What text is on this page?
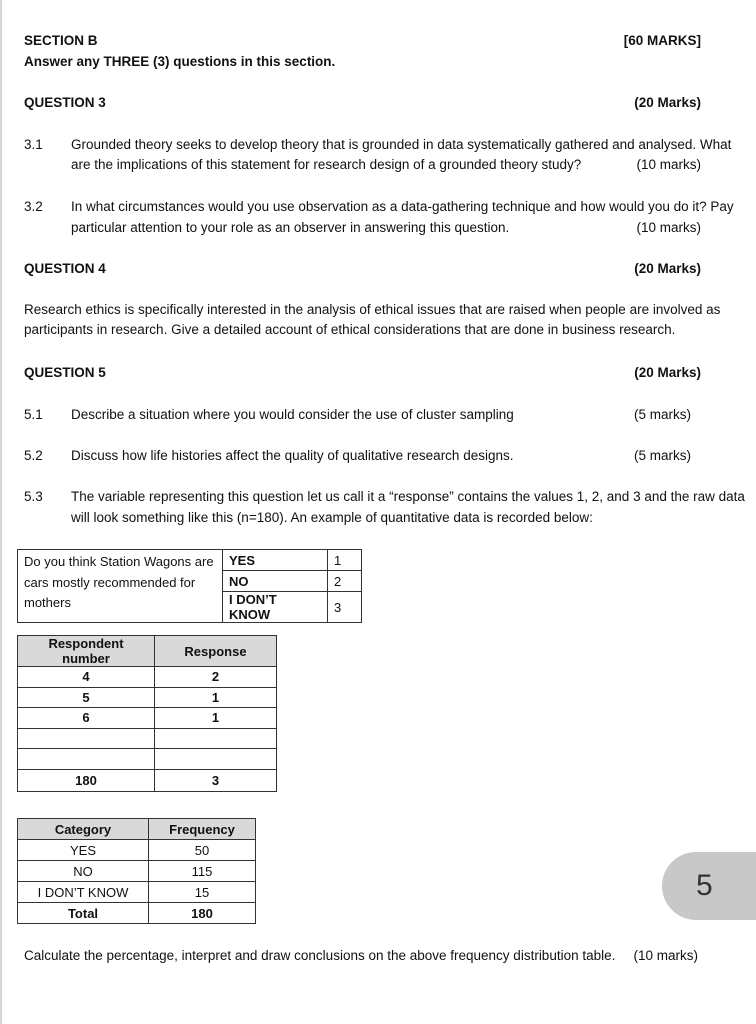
SECTION B	[60 MARKS]
Answer any THREE (3) questions in this section.
QUESTION 3	(20 Marks)
3.1 Grounded theory seeks to develop theory that is grounded in data systematically gathered and analysed. What
are the implications of this statement for research design of a grounded theory study?	(10 marks)
3.2 In what circumstances would you use observation as a data-gathering technique and how would you do it? Pay
particular attention to your role as an observer in answering this question.	(10 marks)
QUESTION 4	(20 Marks)
Research ethics is specifically interested in the analysis of ethical issues that are raised when people are involved as
participants in research. Give a detailed account of ethical considerations that are done in business research.
QUESTION 5	(20 Marks)
5.1 Describe a situation where you would consider the use of cluster sampling	(5 marks)
5.2 Discuss how life histories affect the quality of qualitative research designs.	(5 marks)
5.3 The variable representing this question let us call it a “response” contains the values 1, 2, and 3 and the raw data
will look something like this (n=180). An example of quantitative data is recorded below:
Do you think Station Wagons are
cars mostly recommended for
mothers	YES	1
	NO	2
	I DON’T KNOW	3
Respondent number	Response
4	2
5	1
6	1

180	3
Category	Frequency
YES	50
NO	115
I DON’T KNOW	15
Total	180
5
Calculate the percentage, interpret and draw conclusions on the above frequency distribution table. (10 marks)
